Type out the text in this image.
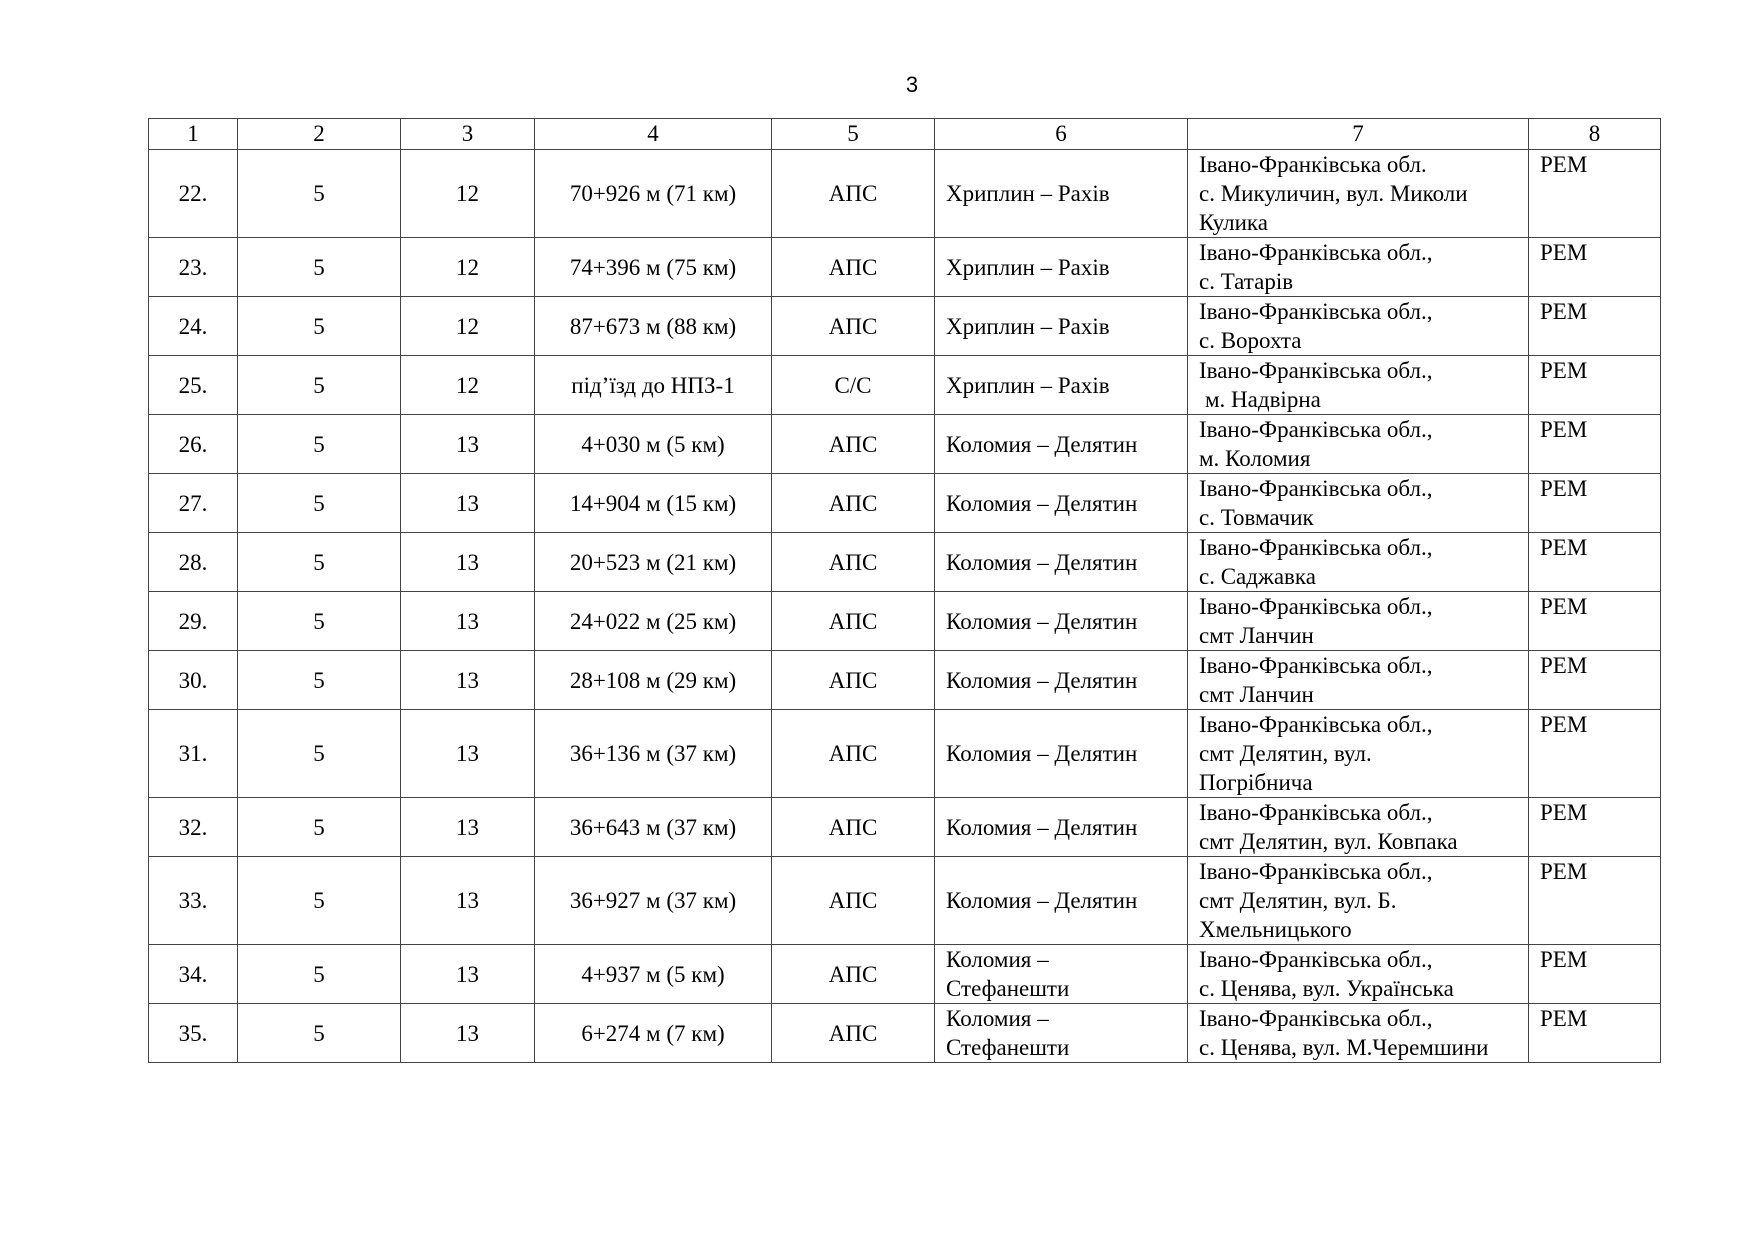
3
1	2	3	4	5	6	7	8
22.	5	12	70+926 м (71 км)	АПС	Хриплин – Рахів	Івано-Франківська обл.
с. Микуличин, вул. Миколи
Кулика	РЕМ
23.	5	12	74+396 м (75 км)	АПС	Хриплин – Рахів	Івано-Франківська обл.,
с. Татарів	РЕМ
24.	5	12	87+673 м (88 км)	АПС	Хриплин – Рахів	Івано-Франківська обл.,
с. Ворохта	РЕМ
25.	5	12	під’їзд до НПЗ-1	С/С	Хриплин – Рахів	Івано-Франківська обл.,
м. Надвірна	РЕМ
26.	5	13	4+030 м (5 км)	АПС	Коломия – Делятин	Івано-Франківська обл.,
м. Коломия	РЕМ
27.	5	13	14+904 м (15 км)	АПС	Коломия – Делятин	Івано-Франківська обл.,
с. Товмачик	РЕМ
28.	5	13	20+523 м (21 км)	АПС	Коломия – Делятин	Івано-Франківська обл.,
с. Саджавка	РЕМ
29.	5	13	24+022 м (25 км)	АПС	Коломия – Делятин	Івано-Франківська обл.,
смт Ланчин	РЕМ
30.	5	13	28+108 м (29 км)	АПС	Коломия – Делятин	Івано-Франківська обл.,
смт Ланчин	РЕМ
31.	5	13	36+136 м (37 км)	АПС	Коломия – Делятин	Івано-Франківська обл.,
смт Делятин, вул.
Погрібнича	РЕМ
32.	5	13	36+643 м (37 км)	АПС	Коломия – Делятин	Івано-Франківська обл.,
смт Делятин, вул. Ковпака	РЕМ
33.	5	13	36+927 м (37 км)	АПС	Коломия – Делятин	Івано-Франківська обл.,
смт Делятин, вул. Б.
Хмельницького	РЕМ
34.	5	13	4+937 м (5 км)	АПС	Коломия –
Стефанешти	Івано-Франківська обл.,
с. Ценява, вул. Українська	РЕМ
35.	5	13	6+274 м (7 км)	АПС	Коломия –
Стефанешти	Івано-Франківська обл.,
с. Ценява, вул. М.Черемшини	РЕМ
